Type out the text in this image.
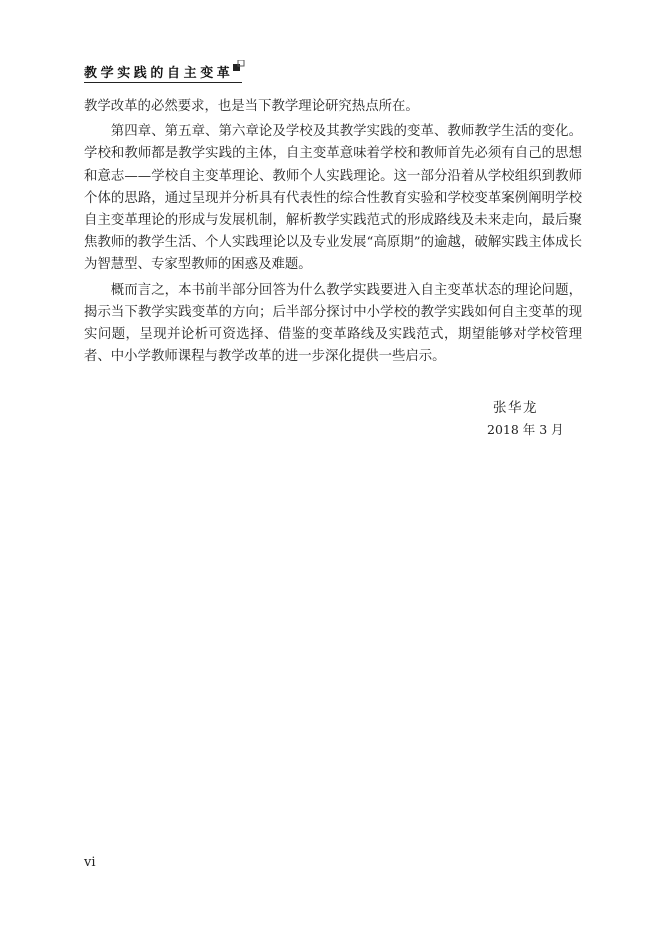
教学实践的自主变革

教学改革的必然要求，也是当下教学理论研究热点所在。

第四章、第五章、第六章论及学校及其教学实践的变革、教师教学生活的变化。学校和教师都是教学实践的主体，自主变革意味着学校和教师首先必须有自己的思想和意志——学校自主变革理论、教师个人实践理论。这一部分沿着从学校组织到教师个体的思路，通过呈现并分析具有代表性的综合性教育实验和学校变革案例阐明学校自主变革理论的形成与发展机制，解析教学实践范式的形成路线及未来走向，最后聚焦教师的教学生活、个人实践理论以及专业发展“高原期”的逾越，破解实践主体成长为智慧型、专家型教师的困惑及难题。

概而言之，本书前半部分回答为什么教学实践要进入自主变革状态的理论问题，揭示当下教学实践变革的方向；后半部分探讨中小学校的教学实践如何自主变革的现实问题，呈现并论析可资选择、借鉴的变革路线及实践范式，期望能够对学校管理者、中小学教师课程与教学改革的进一步深化提供一些启示。

张华龙
2018 年 3 月
vi
